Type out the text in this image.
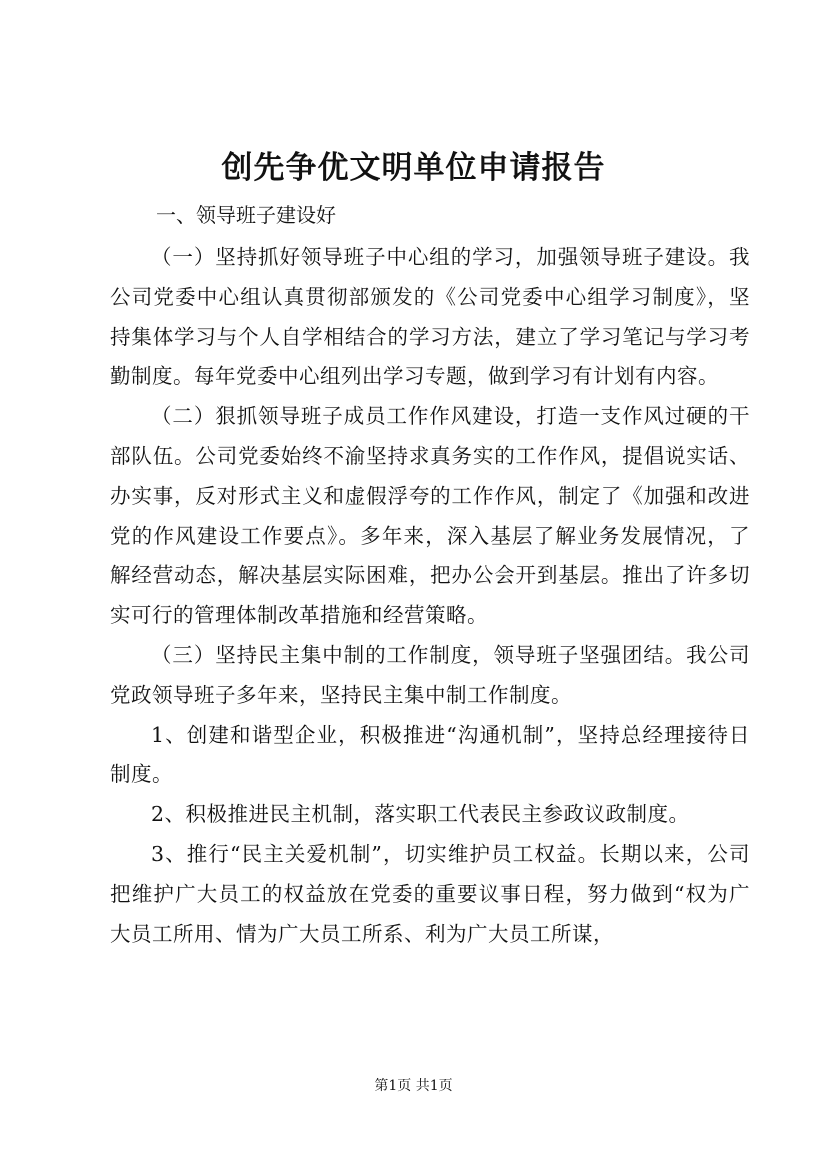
创先争优文明单位申请报告

一、领导班子建设好

（一）坚持抓好领导班子中心组的学习，加强领导班子建设。我公司党委中心组认真贯彻部颁发的《公司党委中心组学习制度》，坚持集体学习与个人自学相结合的学习方法，建立了学习笔记与学习考勤制度。每年党委中心组列出学习专题，做到学习有计划有内容。

（二）狠抓领导班子成员工作作风建设，打造一支作风过硬的干部队伍。公司党委始终不渝坚持求真务实的工作作风，提倡说实话、办实事，反对形式主义和虚假浮夸的工作作风，制定了《加强和改进党的作风建设工作要点》。多年来，深入基层了解业务发展情况，了解经营动态，解决基层实际困难，把办公会开到基层。推出了许多切实可行的管理体制改革措施和经营策略。

（三）坚持民主集中制的工作制度，领导班子坚强团结。我公司党政领导班子多年来，坚持民主集中制工作制度。

1、创建和谐型企业，积极推进“沟通机制”，坚持总经理接待日制度。

2、积极推进民主机制，落实职工代表民主参政议政制度。

3、推行“民主关爱机制”，切实维护员工权益。长期以来，公司把维护广大员工的权益放在党委的重要议事日程，努力做到“权为广大员工所用、情为广大员工所系、利为广大员工所谋，

第1页 共1页
